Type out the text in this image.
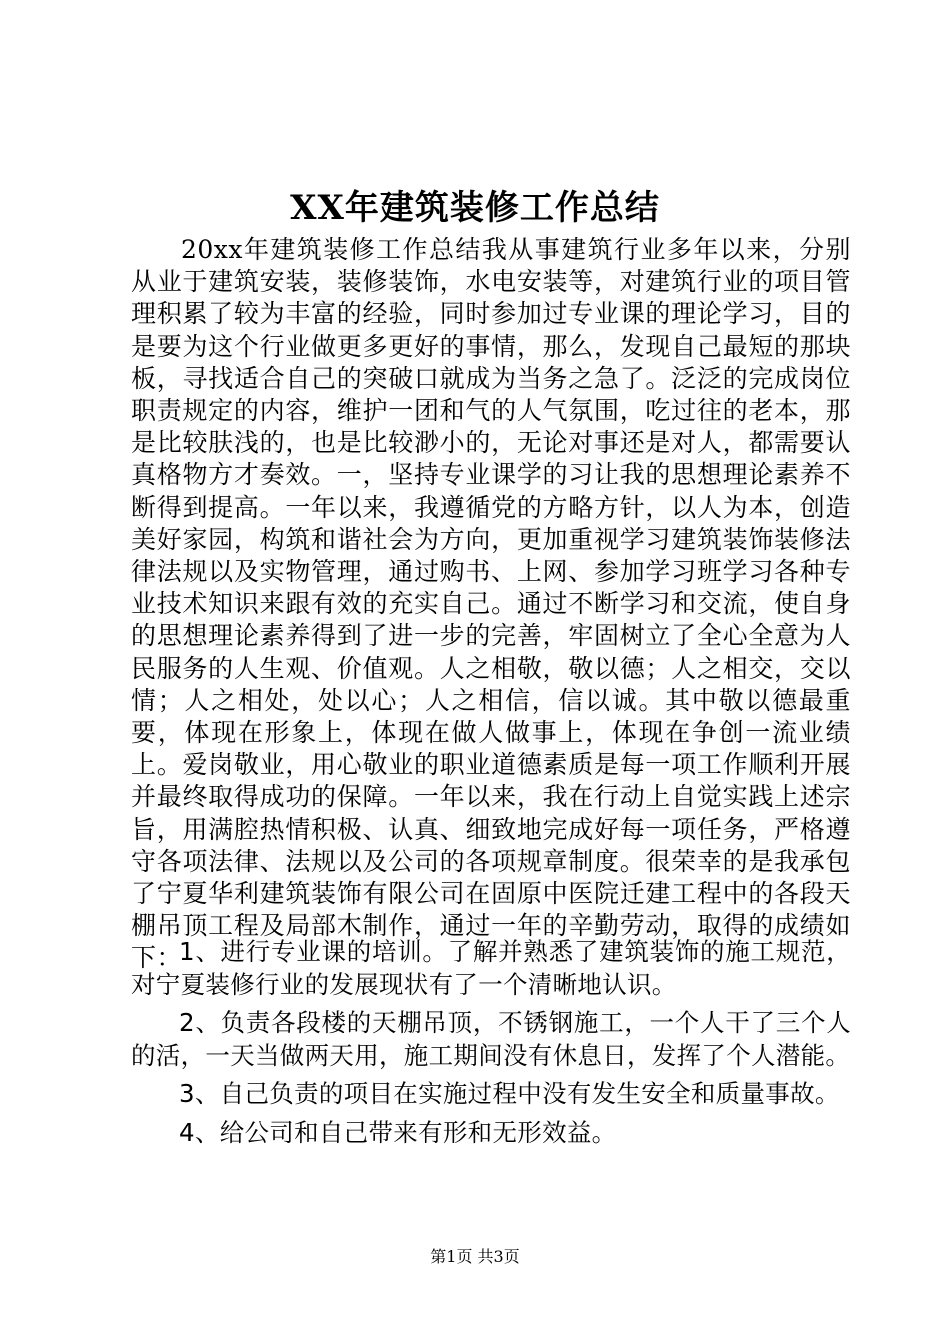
XX年建筑装修工作总结

20xx年建筑装修工作总结我从事建筑行业多年以来，分别从业于建筑安装，装修装饰，水电安装等，对建筑行业的项目管理积累了较为丰富的经验，同时参加过专业课的理论学习，目的是要为这个行业做更多更好的事情，那么，发现自己最短的那块板，寻找适合自己的突破口就成为当务之急了。泛泛的完成岗位职责规定的内容，维护一团和气的人气氛围，吃过往的老本，那是比较肤浅的，也是比较渺小的，无论对事还是对人，都需要认真格物方才奏效。一，坚持专业课学的习让我的思想理论素养不断得到提高。一年以来，我遵循党的方略方针，以人为本，创造美好家园，构筑和谐社会为方向，更加重视学习建筑装饰装修法律法规以及实物管理，通过购书、上网、参加学习班学习各种专业技术知识来跟有效的充实自己。通过不断学习和交流，使自身的思想理论素养得到了进一步的完善，牢固树立了全心全意为人民服务的人生观、价值观。人之相敬，敬以德；人之相交，交以情；人之相处，处以心；人之相信，信以诚。其中敬以德最重要，体现在形象上，体现在做人做事上，体现在争创一流业绩上。爱岗敬业，用心敬业的职业道德素质是每一项工作顺利开展并最终取得成功的保障。一年以来，我在行动上自觉实践上述宗旨，用满腔热情积极、认真、细致地完成好每一项任务，严格遵守各项法律、法规以及公司的各项规章制度。很荣幸的是我承包了宁夏华利建筑装饰有限公司在固原中医院迁建工程中的各段天棚吊顶工程及局部木制作，通过一年的辛勤劳动，取得的成绩如下：

1、进行专业课的培训。了解并熟悉了建筑装饰的施工规范，对宁夏装修行业的发展现状有了一个清晰地认识。
2、负责各段楼的天棚吊顶，不锈钢施工，一个人干了三个人的活，一天当做两天用，施工期间没有休息日，发挥了个人潜能。
3、自己负责的项目在实施过程中没有发生安全和质量事故。
4、给公司和自己带来有形和无形效益。
第1页 共3页
